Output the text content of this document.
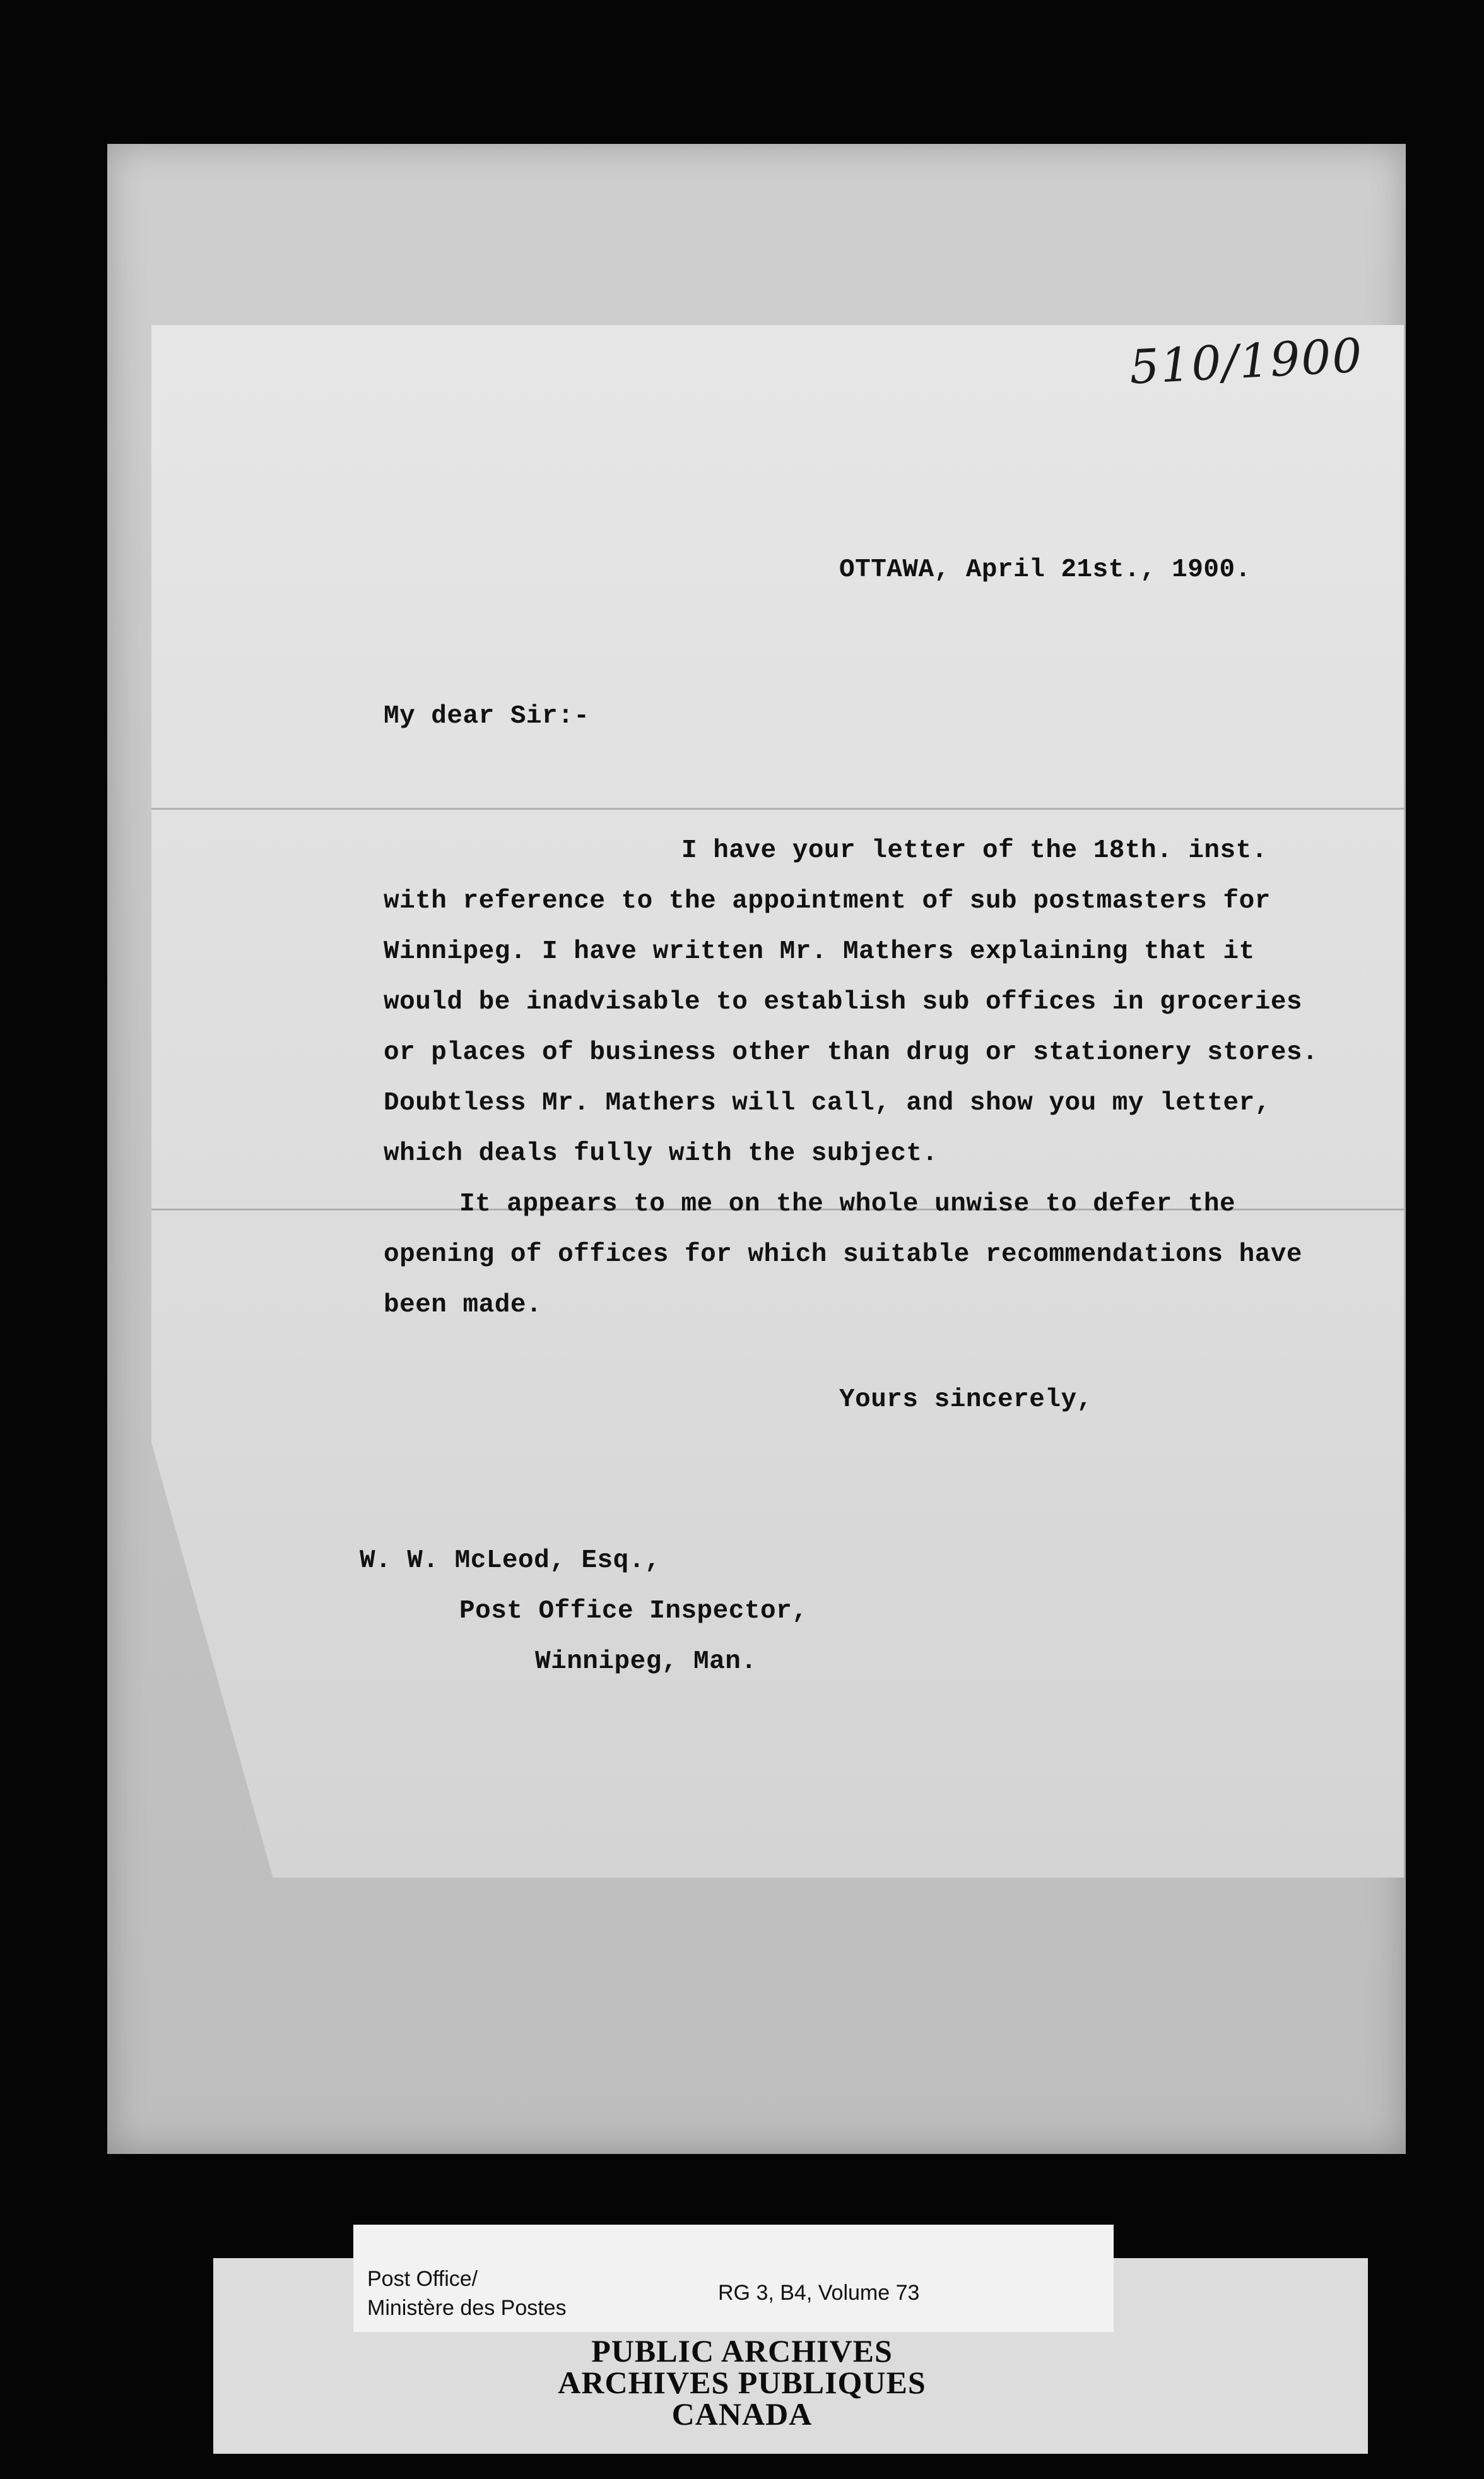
510/1900
OTTAWA, April 21st., 1900.
My dear Sir:-
I have your letter of the 18th. inst.
with reference to the appointment of sub postmasters for
Winnipeg. I have written Mr. Mathers explaining that it
would be inadvisable to establish sub offices in groceries
or places of business other than drug or stationery stores.
Doubtless Mr. Mathers will call, and show you my letter,
which deals fully with the subject.
It appears to me on the whole unwise to defer the
opening of offices for which suitable recommendations have
been made.
Yours sincerely,
W. W. McLeod, Esq.,
Post Office Inspector,
Winnipeg, Man.
Post Office/
Ministère des Postes
RG 3, B4, Volume 73
PUBLIC ARCHIVES
ARCHIVES PUBLIQUES
CANADA
